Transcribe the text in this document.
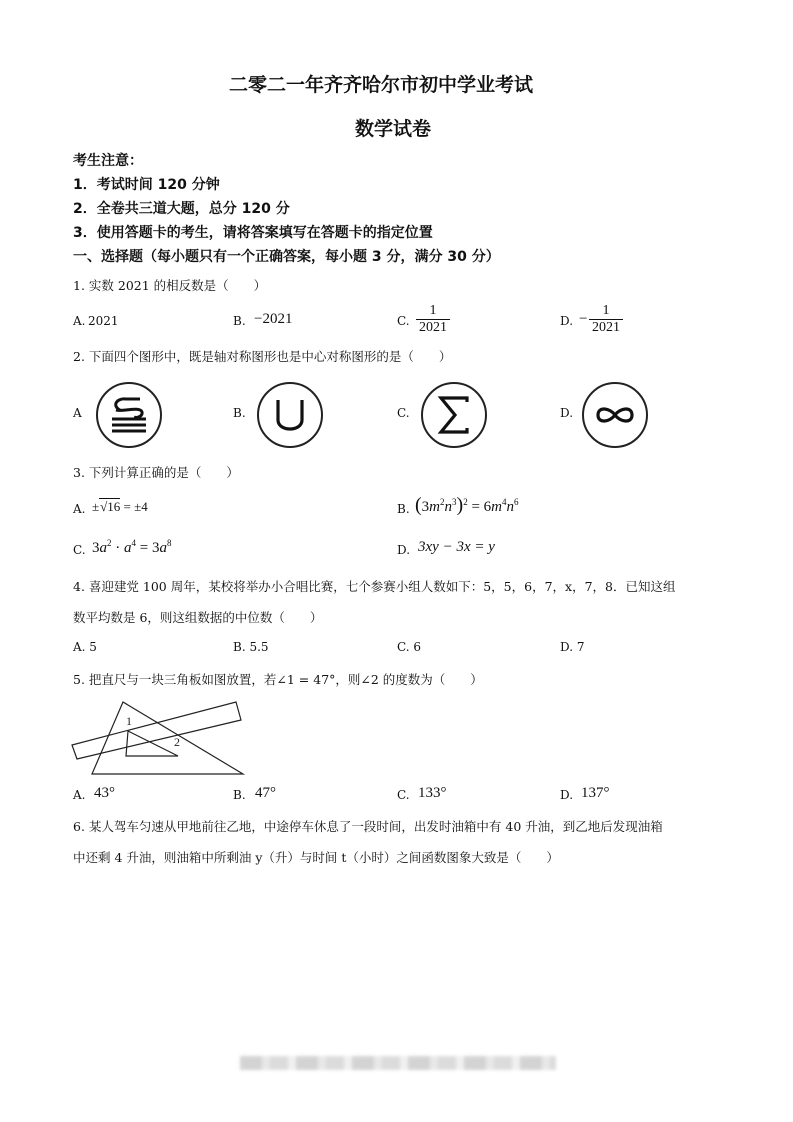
二零二一年齐齐哈尔市初中学业考试
数学试卷
考生注意：
1．考试时间 120 分钟
2．全卷共三道大题，总分 120 分
3．使用答题卡的考生，请将答案填写在答题卡的指定位置
一、选择题（每小题只有一个正确答案，每小题 3 分，满分 30 分）
1. 实数 2021 的相反数是（　　）
A. 2021	B. −2021	C. $\frac{1}{2021}$	D. − $\frac{1}{2021}$
2. 下面四个图形中，既是轴对称图形也是中心对称图形的是（　　）
A	B.	C.	D.
3. 下列计算正确的是（　　）
A. ±√16 = ±4	B. $(3m^2n^3)^2 = 6m^4n^6$
C. $3a^2 \cdot a^4 = 3a^8$	D. 3xy − 3x = y
4. 喜迎建党 100 周年，某校将举办小合唱比赛，七个参赛小组人数如下：5，5，6，7，x，7，8．已知这组
数平均数是 6，则这组数据的中位数（　　）
A. 5	B. 5.5	C. 6	D. 7
5. 把直尺与一块三角板如图放置，若∠1 = 47°，则∠2 的度数为（　　）
1
2
A. 43°	B. 47°	C. 133°	D. 137°
6. 某人驾车匀速从甲地前往乙地，中途停车休息了一段时间，出发时油箱中有 40 升油，到乙地后发现油箱
中还剩 4 升油，则油箱中所剩油 y（升）与时间 t（小时）之间函数图象大致是（　　）
